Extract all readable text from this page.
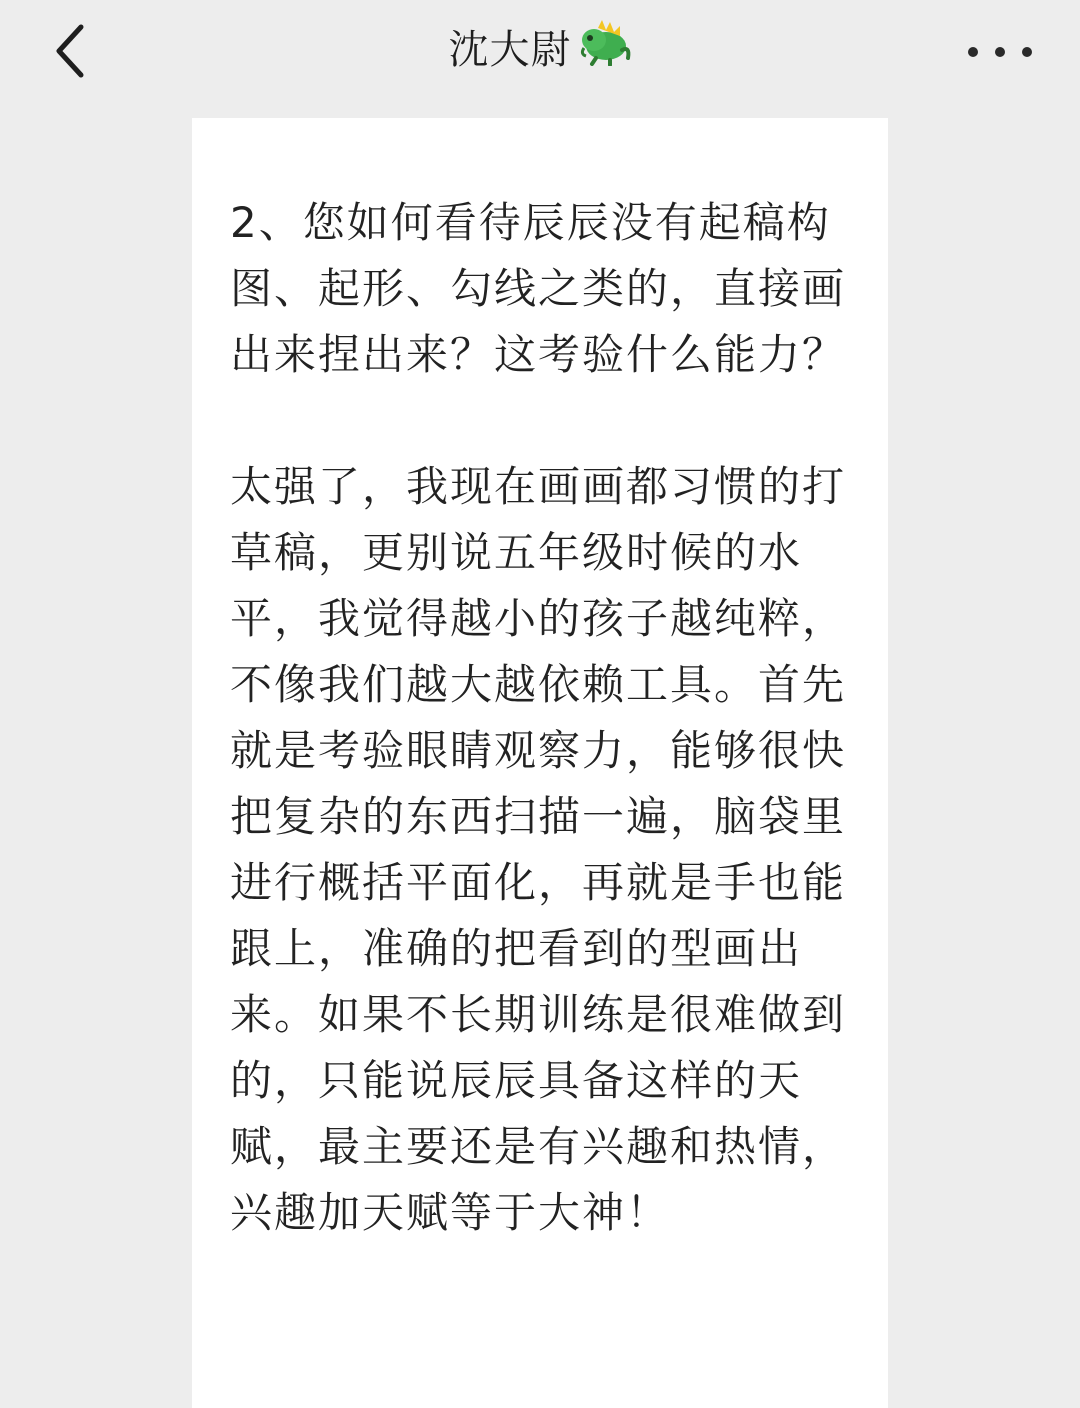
沈大尉

2、您如何看待辰辰没有起稿构图、起形、勾线之类的，直接画出来捏出来？这考验什么能力？

太强了，我现在画画都习惯的打草稿，更别说五年级时候的水平，我觉得越小的孩子越纯粹，不像我们越大越依赖工具。首先就是考验眼睛观察力，能够很快把复杂的东西扫描一遍，脑袋里进行概括平面化，再就是手也能跟上，准确的把看到的型画出来。如果不长期训练是很难做到的，只能说辰辰具备这样的天赋，最主要还是有兴趣和热情，兴趣加天赋等于大神！
